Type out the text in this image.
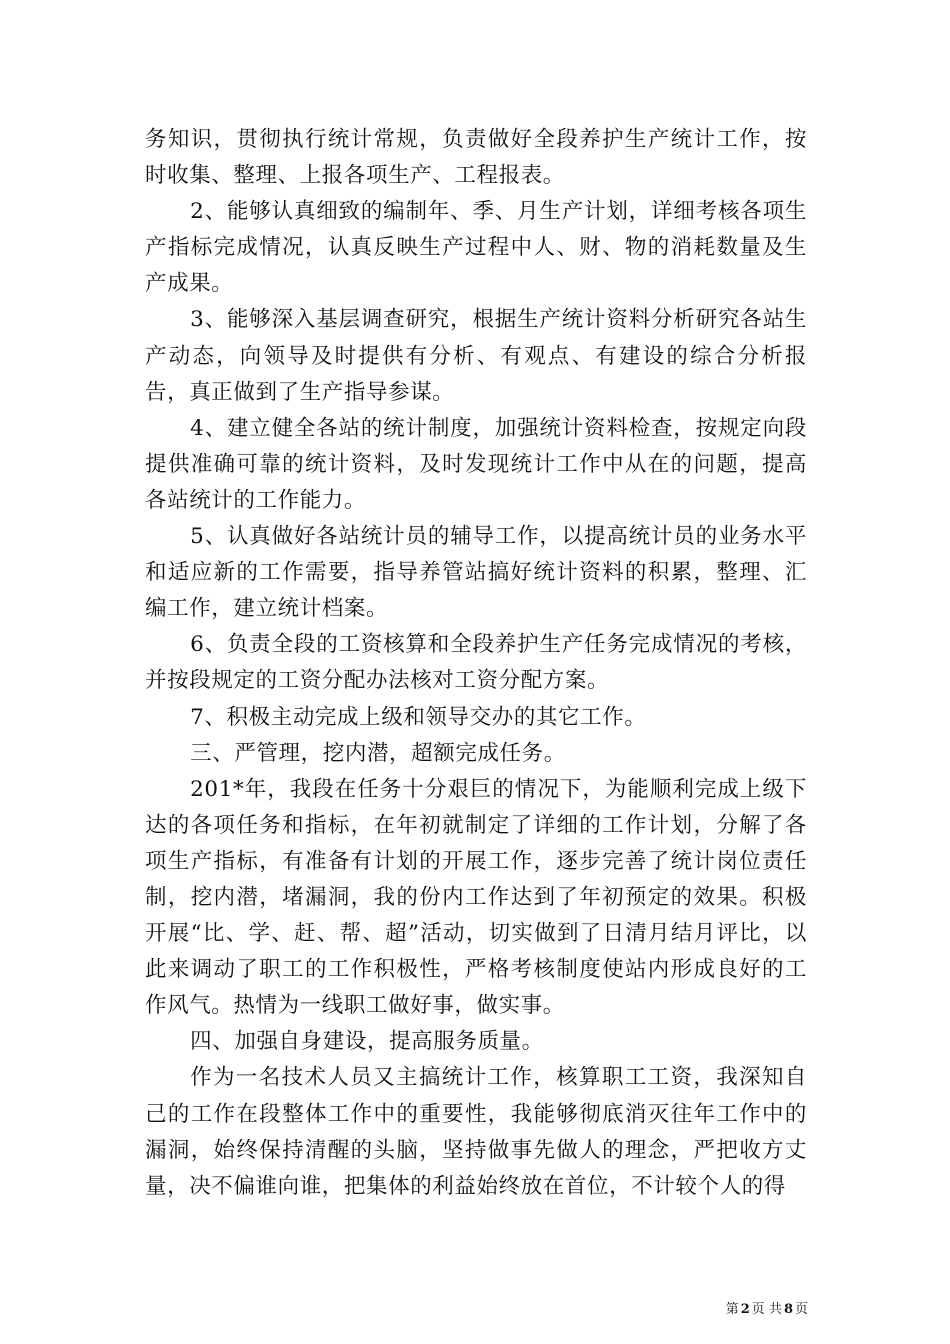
务知识，贯彻执行统计常规，负责做好全段养护生产统计工作，按时收集、整理、上报各项生产、工程报表。

2、能够认真细致的编制年、季、月生产计划，详细考核各项生产指标完成情况，认真反映生产过程中人、财、物的消耗数量及生产成果。

3、能够深入基层调查研究，根据生产统计资料分析研究各站生产动态，向领导及时提供有分析、有观点、有建设的综合分析报告，真正做到了生产指导参谋。

4、建立健全各站的统计制度，加强统计资料检查，按规定向段提供准确可靠的统计资料，及时发现统计工作中从在的问题，提高各站统计的工作能力。

5、认真做好各站统计员的辅导工作，以提高统计员的业务水平和适应新的工作需要，指导养管站搞好统计资料的积累，整理、汇编工作，建立统计档案。

6、负责全段的工资核算和全段养护生产任务完成情况的考核，并按段规定的工资分配办法核对工资分配方案。

7、积极主动完成上级和领导交办的其它工作。

三、严管理，挖内潜，超额完成任务。

201*年，我段在任务十分艰巨的情况下，为能顺利完成上级下达的各项任务和指标，在年初就制定了详细的工作计划，分解了各项生产指标，有准备有计划的开展工作，逐步完善了统计岗位责任制，挖内潜，堵漏洞，我的份内工作达到了年初预定的效果。积极开展“比、学、赶、帮、超”活动，切实做到了日清月结月评比，以此来调动了职工的工作积极性，严格考核制度使站内形成良好的工作风气。热情为一线职工做好事，做实事。

四、加强自身建设，提高服务质量。

作为一名技术人员又主搞统计工作，核算职工工资，我深知自己的工作在段整体工作中的重要性，我能够彻底消灭往年工作中的漏洞，始终保持清醒的头脑，坚持做事先做人的理念，严把收方丈量，决不偏谁向谁，把集体的利益始终放在首位，不计较个人的得

第 2 页 共 8 页
